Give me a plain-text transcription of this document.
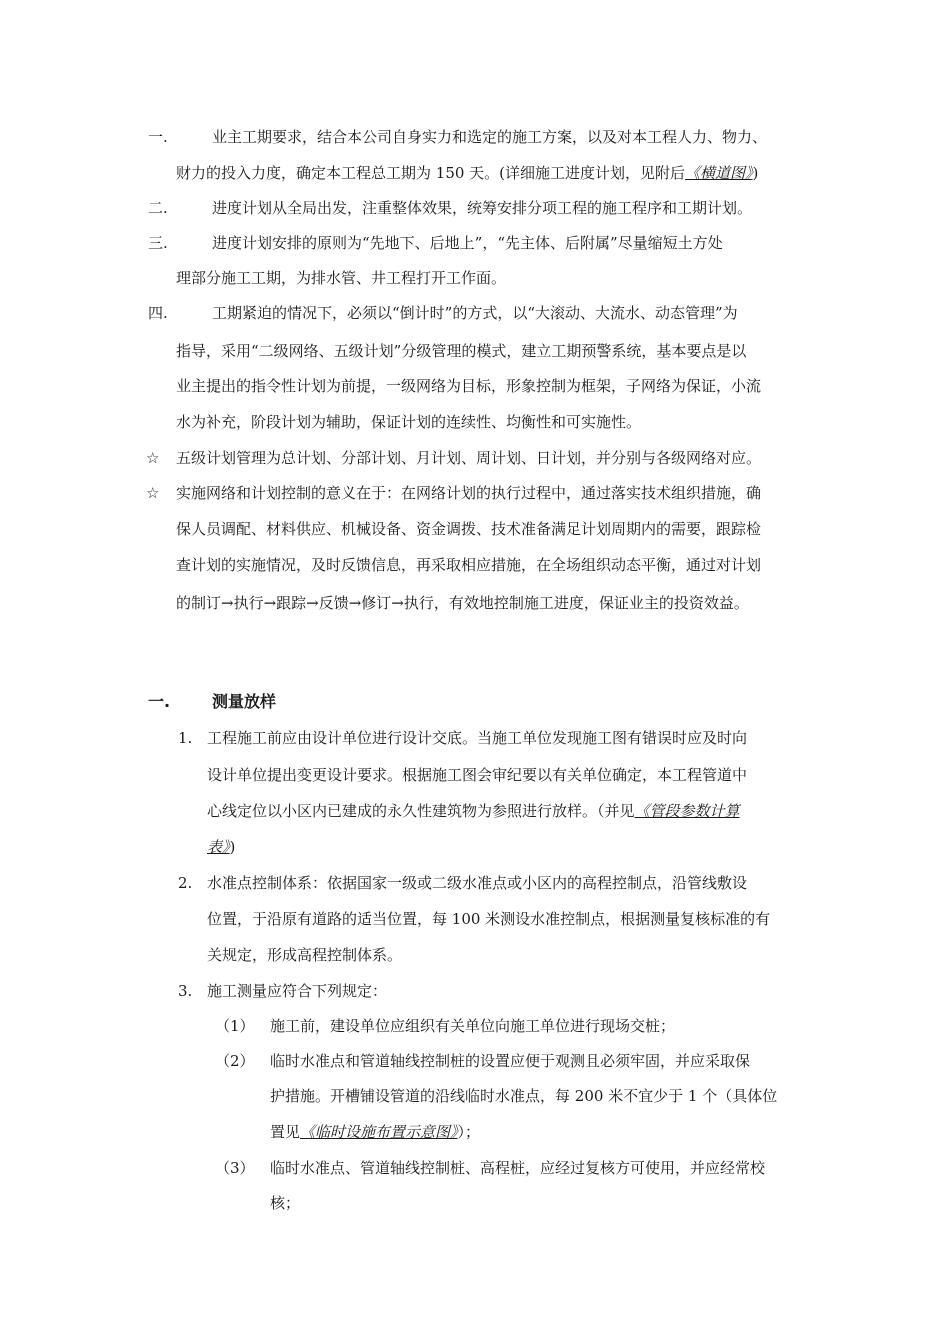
一.	业主工期要求，结合本公司自身实力和选定的施工方案，以及对本工程人力、物力、
财力的投入力度，确定本工程总工期为 150 天。(详细施工进度计划，见附后《横道图》)
二.	进度计划从全局出发，注重整体效果，统筹安排分项工程的施工程序和工期计划。
三.	进度计划安排的原则为“先地下、后地上”，“先主体、后附属”尽量缩短土方处
理部分施工工期，为排水管、井工程打开工作面。
四.	工期紧迫的情况下，必须以“倒计时”的方式，以“大滚动、大流水、动态管理”为
指导，采用“二级网络、五级计划”分级管理的模式，建立工期预警系统，基本要点是以
业主提出的指令性计划为前提，一级网络为目标，形象控制为框架，子网络为保证，小流
水为补充，阶段计划为辅助，保证计划的连续性、均衡性和可实施性。
☆ 五级计划管理为总计划、分部计划、月计划、周计划、日计划，并分别与各级网络对应。
☆ 实施网络和计划控制的意义在于：在网络计划的执行过程中，通过落实技术组织措施，确
保人员调配、材料供应、机械设备、资金调拨、技术准备满足计划周期内的需要，跟踪检
查计划的实施情况，及时反馈信息，再采取相应措施，在全场组织动态平衡，通过对计划
的制订→执行→跟踪→反馈→修订→执行，有效地控制施工进度，保证业主的投资效益。
一.	测量放样
1. 工程施工前应由设计单位进行设计交底。当施工单位发现施工图有错误时应及时向
设计单位提出变更设计要求。根据施工图会审纪要以有关单位确定，本工程管道中
心线定位以小区内已建成的永久性建筑物为参照进行放样。（并见《管段参数计算
表》)
2. 水准点控制体系：依据国家一级或二级水准点或小区内的高程控制点，沿管线敷设
位置，于沿原有道路的适当位置，每 100 米测设水准控制点，根据测量复核标准的有
关规定，形成高程控制体系。
3. 施工测量应符合下列规定：
（1） 施工前，建设单位应组织有关单位向施工单位进行现场交桩；
（2） 临时水准点和管道轴线控制桩的设置应便于观测且必须牢固，并应采取保
护措施。开槽铺设管道的沿线临时水准点，每 200 米不宜少于 1 个（具体位
置见《临时设施布置示意图》）；
（3） 临时水准点、管道轴线控制桩、高程桩，应经过复核方可使用，并应经常校
核；
